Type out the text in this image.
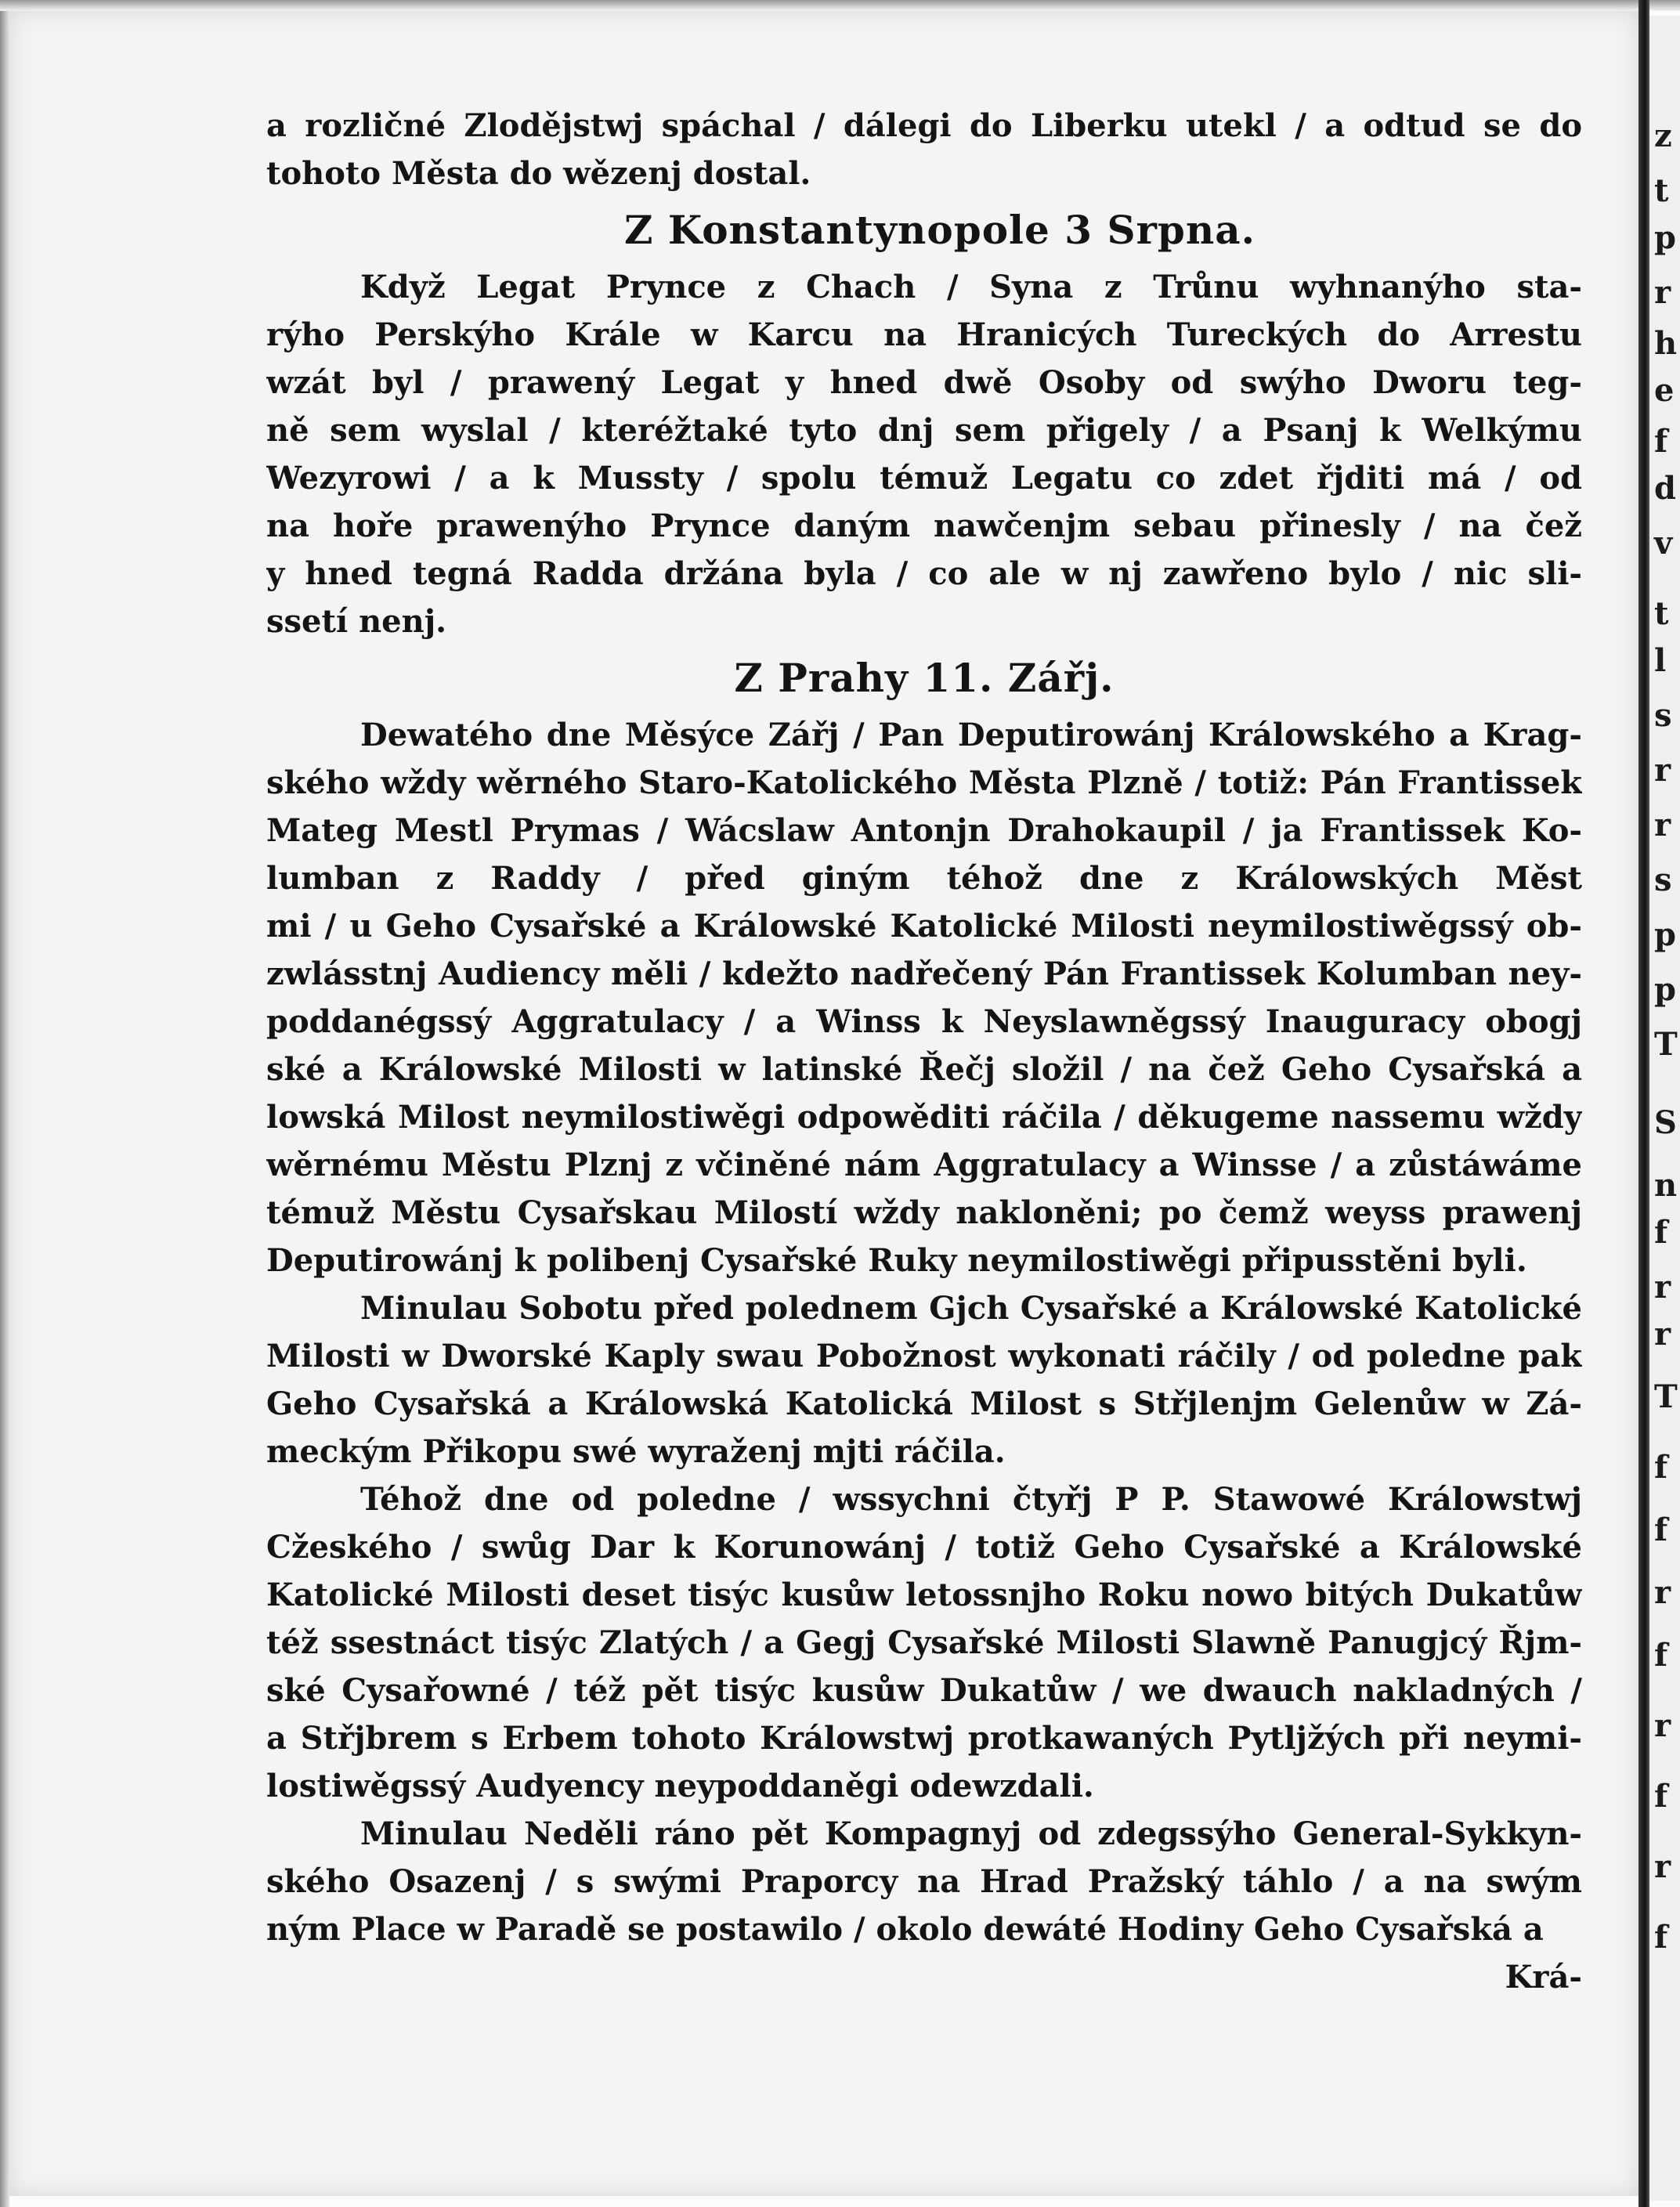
z
t
p
r
h
e
f
d
v
t
l
s
r
r
s
p
p
T
S
n
f
r
r
T
f
f
r
f
r
f
r
f
a rozličné Zlodějstwj spáchal / dálegi do Liberku utekl / a odtud se do
tohoto Města do wězenj dostal.
Z Konstantynopole 3 Srpna.
Když Legat Prynce z Chach / Syna z Trůnu wyhnanýho sta-
rýho Perskýho Krále w Karcu na Hranicých Tureckých do Arrestu
wzát byl / prawený Legat y hned dwě Osoby od swýho Dworu teg-
ně sem wyslal / kteréžtaké tyto dnj sem přigely / a Psanj k Welkýmu
Wezyrowi / a k Mussty / spolu témuž Legatu co zdet řjditi má / od
na hoře prawenýho Prynce daným nawčenjm sebau přinesly / na čež
y hned tegná Radda držána byla / co ale w nj zawřeno bylo / nic sli-
ssetí nenj.
Z Prahy 11. Zářj.
Dewatého dne Měsýce Zářj / Pan Deputirowánj Králowského a Krag-
ského wždy wěrného Staro-Katolického Města Plzně / totiž: Pán Frantissek
Mateg Mestl Prymas / Wácslaw Antonjn Drahokaupil / ja Frantissek Ko-
lumban z Raddy / před giným téhož dne z Králowských Měst
mi / u Geho Cysařské a Králowské Katolické Milosti neymilostiwěgssý ob-
zwlásstnj Audiency měli / kdežto nadřečený Pán Frantissek Kolumban ney-
poddanégssý Aggratulacy / a Winss k Neyslawněgssý Inauguracy obogj
ské a Králowské Milosti w latinské Řečj složil / na čež Geho Cysařská a
lowská Milost neymilostiwěgi odpowěditi ráčila / děkugeme nassemu wždy
wěrnému Městu Plznj z včiněné nám Aggratulacy a Winsse / a zůstáwáme
témuž Městu Cysařskau Milostí wždy nakloněni; po čemž weyss prawenj
Deputirowánj k polibenj Cysařské Ruky neymilostiwěgi připusstěni byli.
Minulau Sobotu před polednem Gjch Cysařské a Králowské Katolické
Milosti w Dworské Kaply swau Pobožnost wykonati ráčily / od poledne pak
Geho Cysařská a Králowská Katolická Milost s Střjlenjm Gelenůw w Zá-
meckým Přikopu swé wyraženj mjti ráčila.
Téhož dne od poledne / wssychni čtyřj P P. Stawowé Králowstwj
Cžeského / swůg Dar k Korunowánj / totiž Geho Cysařské a Králowské
Katolické Milosti deset tisýc kusůw letossnjho Roku nowo bitých Dukatůw
též ssestnáct tisýc Zlatých / a Gegj Cysařské Milosti Slawně Panugjcý Řjm-
ské Cysařowné / též pět tisýc kusůw Dukatůw / we dwauch nakladných /
a Střjbrem s Erbem tohoto Králowstwj protkawaných Pytljžých při neymi-
lostiwěgssý Audyency neypoddaněgi odewzdali.
Minulau Neděli ráno pět Kompagnyj od zdegssýho General-Sykkyn-
ského Osazenj / s swými Praporcy na Hrad Pražský táhlo / a na swým
ným Place w Paradě se postawilo / okolo dewáté Hodiny Geho Cysařská a
Krá-
